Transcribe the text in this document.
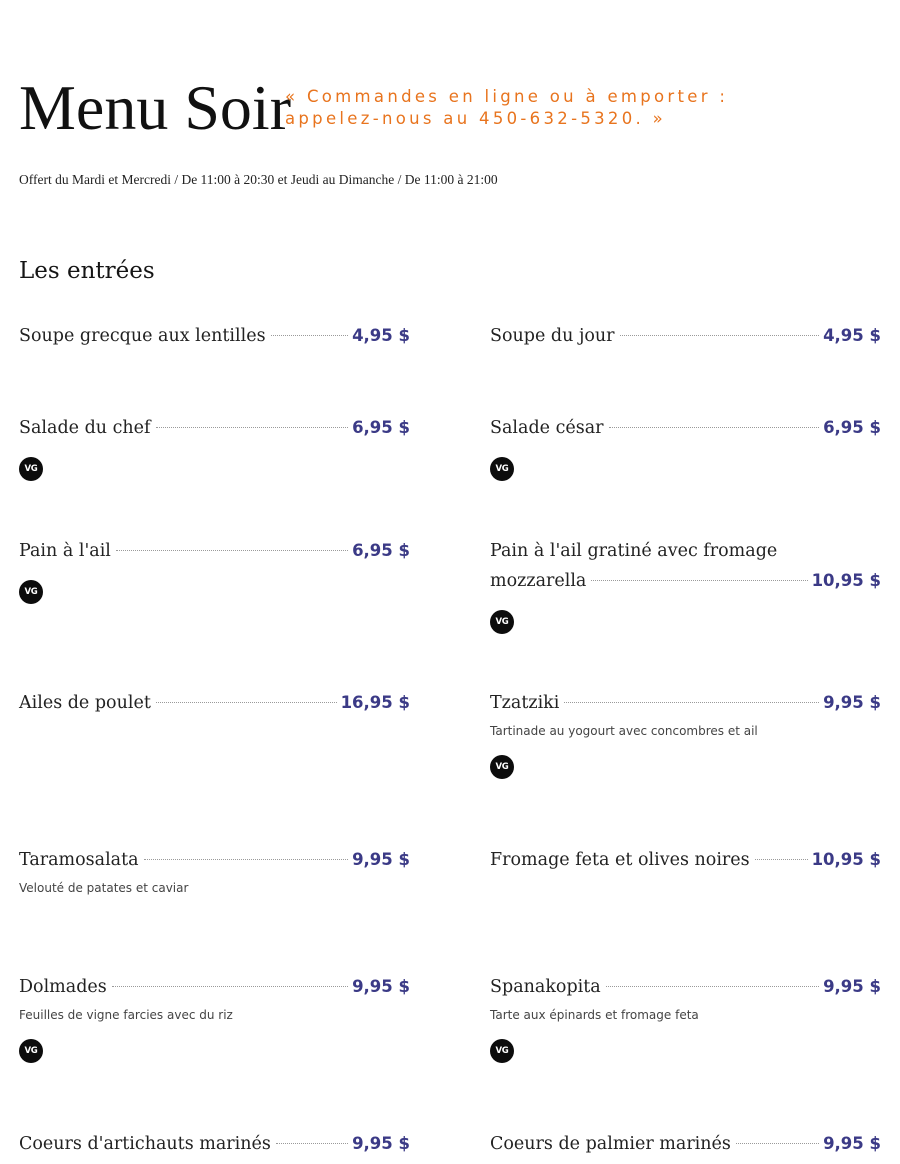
Menu Soir
« Commandes en ligne ou à emporter :
appelez-nous au 450-632-5320. »
Offert du Mardi et Mercredi / De 11:00 à 20:30 et Jeudi au Dimanche / De 11:00 à 21:00
Les entrées
Soupe grecque aux lentilles	4,95 $	Soupe du jour	4,95 $
Salade du chef	6,95 $
VG
Salade césar	6,95 $
VG
Pain à l'ail	6,95 $
VG
Pain à l'ail gratiné avec fromage
mozzarella	10,95 $
VG
Ailes de poulet	16,95 $	Tzatziki	9,95 $
Tartinade au yogourt avec concombres et ail
VG
Taramosalata	9,95 $
Velouté de patates et caviar
Fromage feta et olives noires	10,95 $
Dolmades	9,95 $
Feuilles de vigne farcies avec du riz
VG
Spanakopita	9,95 $
Tarte aux épinards et fromage feta
VG
Coeurs d'artichauts marinés	9,95 $	Coeurs de palmier marinés	9,95 $
